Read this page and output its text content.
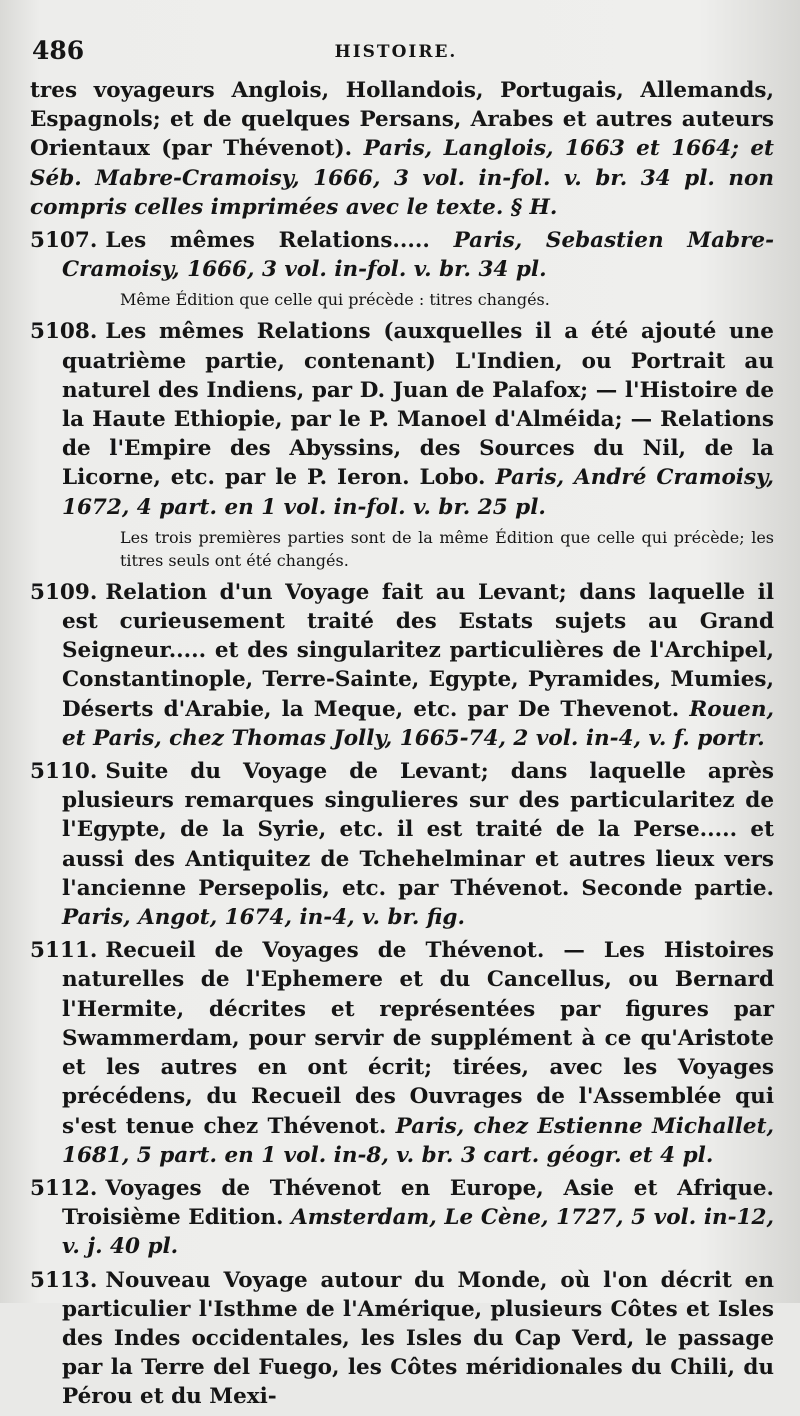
486	HISTOIRE.

tres voyageurs Anglois, Hollandois, Portugais, Allemands, Espagnols; et de quelques Persans, Arabes et autres auteurs Orientaux (par Thévenot). Paris, Langlois, 1663 et 1664; et Séb. Mabre-Cramoisy, 1666, 3 vol. in-fol. v. br. 34 pl. non compris celles imprimées avec le texte. § H.

5107. Les mêmes Relations..... Paris, Sebastien Mabre-Cramoisy, 1666, 3 vol. in-fol. v. br. 34 pl.

Même Édition que celle qui précède : titres changés.

5108. Les mêmes Relations (auxquelles il a été ajouté une quatrième partie, contenant) L'Indien, ou Portrait au naturel des Indiens, par D. Juan de Palafox; — l'Histoire de la Haute Ethiopie, par le P. Manoel d'Alméida; — Relations de l'Empire des Abyssins, des Sources du Nil, de la Licorne, etc. par le P. Ieron. Lobo. Paris, André Cramoisy, 1672, 4 part. en 1 vol. in-fol. v. br. 25 pl.

Les trois premières parties sont de la même Édition que celle qui précède; les titres seuls ont été changés.

5109. Relation d'un Voyage fait au Levant; dans laquelle il est curieusement traité des Estats sujets au Grand Seigneur..... et des singularitez particulières de l'Archipel, Constantinople, Terre-Sainte, Egypte, Pyramides, Mumies, Déserts d'Arabie, la Meque, etc. par De Thevenot. Rouen, et Paris, chez Thomas Jolly, 1665-74, 2 vol. in-4, v. f. portr.

5110. Suite du Voyage de Levant; dans laquelle après plusieurs remarques singulieres sur des particularitez de l'Egypte, de la Syrie, etc. il est traité de la Perse..... et aussi des Antiquitez de Tchehelminar et autres lieux vers l'ancienne Persepolis, etc. par Thévenot. Seconde partie. Paris, Angot, 1674, in-4, v. br. fig.

5111. Recueil de Voyages de Thévenot. — Les Histoires naturelles de l'Ephemere et du Cancellus, ou Bernard l'Hermite, décrites et représentées par figures par Swammerdam, pour servir de supplément à ce qu'Aristote et les autres en ont écrit; tirées, avec les Voyages précédens, du Recueil des Ouvrages de l'Assemblée qui s'est tenue chez Thévenot. Paris, chez Estienne Michallet, 1681, 5 part. en 1 vol. in-8, v. br. 3 cart. géogr. et 4 pl.

5112. Voyages de Thévenot en Europe, Asie et Afrique. Troisième Edition. Amsterdam, Le Cène, 1727, 5 vol. in-12, v. j. 40 pl.

5113. Nouveau Voyage autour du Monde, où l'on décrit en particulier l'Isthme de l'Amérique, plusieurs Côtes et Isles des Indes occidentales, les Isles du Cap Verd, le passage par la Terre del Fuego, les Côtes méridionales du Chili, du Pérou et du Mexi-
